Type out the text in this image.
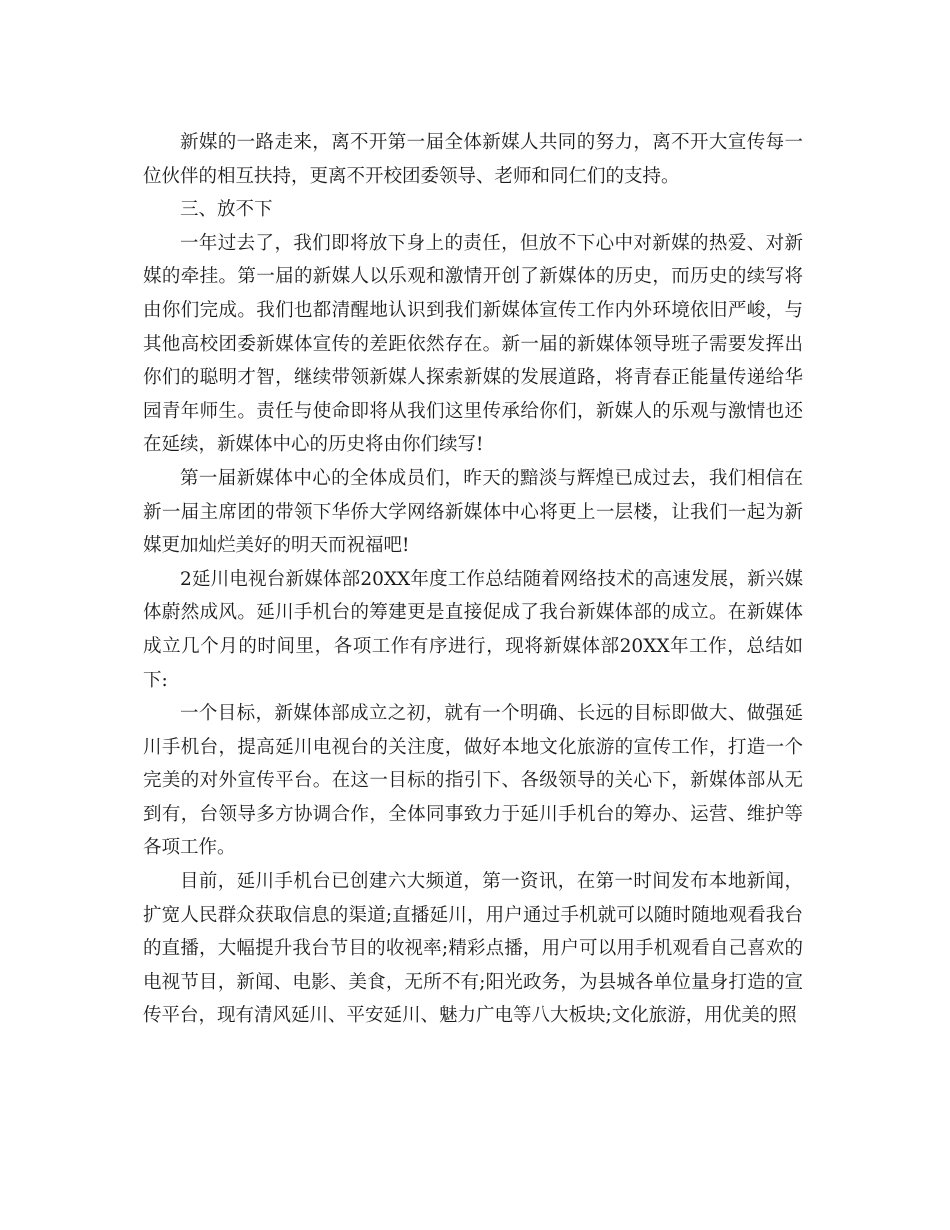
新媒的一路走来，离不开第一届全体新媒人共同的努力，离不开大宣传每一位伙伴的相互扶持，更离不开校团委领导、老师和同仁们的支持。

三、放不下

一年过去了，我们即将放下身上的责任，但放不下心中对新媒的热爱、对新媒的牵挂。第一届的新媒人以乐观和激情开创了新媒体的历史，而历史的续写将由你们完成。我们也都清醒地认识到我们新媒体宣传工作内外环境依旧严峻，与其他高校团委新媒体宣传的差距依然存在。新一届的新媒体领导班子需要发挥出你们的聪明才智，继续带领新媒人探索新媒的发展道路，将青春正能量传递给华园青年师生。责任与使命即将从我们这里传承给你们，新媒人的乐观与激情也还在延续，新媒体中心的历史将由你们续写!

第一届新媒体中心的全体成员们，昨天的黯淡与辉煌已成过去，我们相信在新一届主席团的带领下华侨大学网络新媒体中心将更上一层楼，让我们一起为新媒更加灿烂美好的明天而祝福吧!

2延川电视台新媒体部20XX年度工作总结随着网络技术的高速发展，新兴媒体蔚然成风。延川手机台的筹建更是直接促成了我台新媒体部的成立。在新媒体成立几个月的时间里，各项工作有序进行，现将新媒体部20XX年工作，总结如下:

一个目标，新媒体部成立之初，就有一个明确、长远的目标即做大、做强延川手机台，提高延川电视台的关注度，做好本地文化旅游的宣传工作，打造一个完美的对外宣传平台。在这一目标的指引下、各级领导的关心下，新媒体部从无到有，台领导多方协调合作，全体同事致力于延川手机台的筹办、运营、维护等各项工作。

目前，延川手机台已创建六大频道，第一资讯，在第一时间发布本地新闻，扩宽人民群众获取信息的渠道;直播延川，用户通过手机就可以随时随地观看我台的直播，大幅提升我台节目的收视率;精彩点播，用户可以用手机观看自己喜欢的电视节目，新闻、电影、美食，无所不有;阳光政务，为县城各单位量身打造的宣传平台，现有清风延川、平安延川、魅力广电等八大板块;文化旅游，用优美的照
